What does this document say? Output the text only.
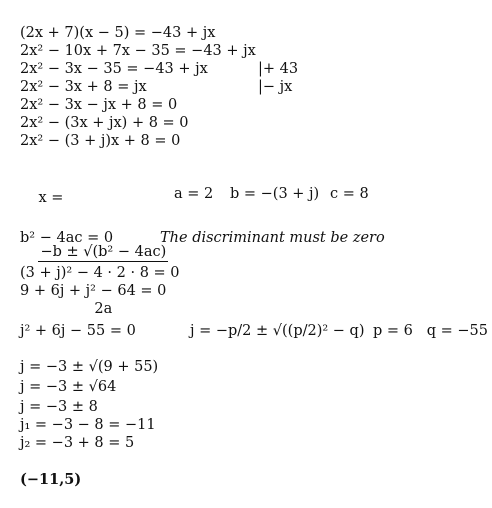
(2x + 7)(x − 5) = −43 + jx
2x² − 10x + 7x − 35 = −43 + jx
2x² − 3x − 35 = −43 + jx	|+ 43
2x² − 3x + 8 = jx	|− jx
2x² − 3x − jx + 8 = 0
2x² − (3x + jx) + 8 = 0
2x² − (3 + j)x + 8 = 0

x =

$\frac{\text{−b ± √(b² − 4ac)}}{2a}$

a = 2 b = −(3 + j) c = 8
b² − 4ac = 0	The discriminant must be zero
(3 + j)² − 4 · 2 · 8 = 0
9 + 6j + j² − 64 = 0
j² + 6j − 55 = 0	j = −p/2 ± √((p/2)² − q) p = 6   q = −55
j = −3 ± √(9 + 55)
j = −3 ± √64
j = −3 ± 8
j₁ = −3 − 8 = −11
j₂ = −3 + 8 = 5
(−11,5)
